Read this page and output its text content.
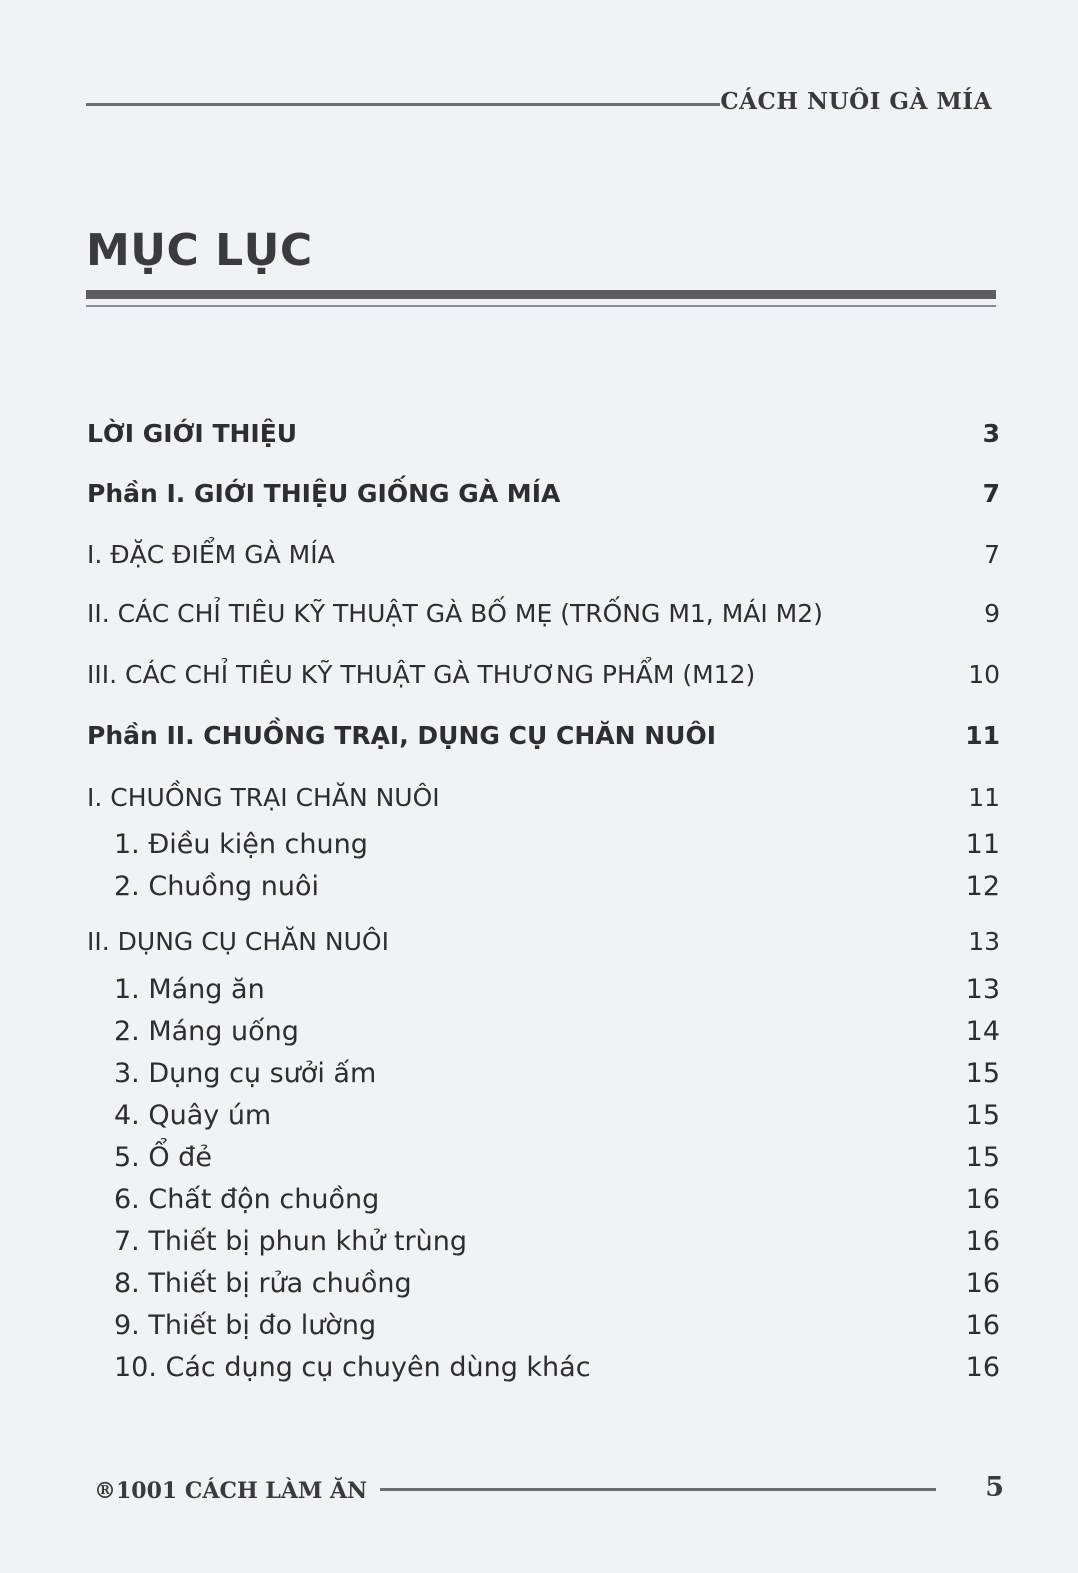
CÁCH NUÔI GÀ MÍA
MỤC LỤC
LỜI GIỚI THIỆU	3
Phần I. GIỚI THIỆU GIỐNG GÀ MÍA	7
I. ĐẶC ĐIỂM GÀ MÍA	7
II. CÁC CHỈ TIÊU KỸ THUẬT GÀ BỐ MẸ (TRỐNG M1, MÁI M2)	9
III. CÁC CHỈ TIÊU KỸ THUẬT GÀ THƯƠNG PHẨM (M12)	10
Phần II. CHUỒNG TRẠI, DỤNG CỤ CHĂN NUÔI	11
I. CHUỒNG TRẠI CHĂN NUÔI	11
1. Điều kiện chung	11
2. Chuồng nuôi	12
II. DỤNG CỤ CHĂN NUÔI	13
1. Máng ăn	13
2. Máng uống	14
3. Dụng cụ sưởi ấm	15
4. Quây úm	15
5. Ổ đẻ	15
6. Chất độn chuồng	16
7. Thiết bị phun khử trùng	16
8. Thiết bị rửa chuồng	16
9. Thiết bị đo lường	16
10. Các dụng cụ chuyên dùng khác	16
®1001 CÁCH LÀM ĂN	5
